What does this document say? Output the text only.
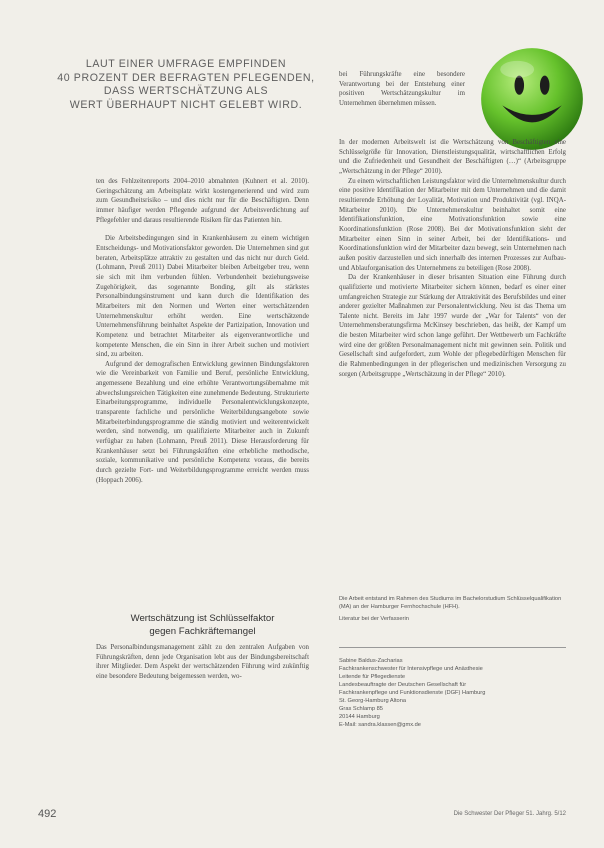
LAUT EINER UMFRAGE EMPFINDEN
40 PROZENT DER BEFRAGTEN PFLEGENDEN,
DASS WERTSCHÄTZUNG ALS
WERT ÜBERHAUPT NICHT GELEBT WIRD.

bei Führungskräfte eine besondere Verantwortung bei der Entstehung einer positiven Wertschätzungskultur im Unternehmen übernehmen müssen.

ten des Fehlzeitenreports 2004–2010 abmahnten (Kuhnert et al. 2010). Geringschätzung am Arbeitsplatz wirkt kostengenerierend und wird zum zum Gesundheitsrisiko – und dies nicht nur für die Beschäftigten. Denn immer häufiger werden Pflegende aufgrund der Arbeitsverdichtung auf Pflegefehler und daraus resultierende Risiken für das Patienten hin.

Die Arbeitsbedingungen sind in Krankenhäusern zu einem wichtigen Entscheidungs- und Motivationsfaktor geworden. Die Unternehmen sind gut beraten, Arbeitsplätze attraktiv zu gestalten und das nicht nur durch Geld. (Lohmann, Preuß 2011) Dabei Mitarbeiter bleiben Arbeitgeber treu, wenn sie sich mit ihm verbunden fühlen. Verbundenheit beziehungsweise Zugehörigkeit, das sogenannte Bonding, gilt als stärkstes Personalbindungsinstrument und kann durch die Identifikation des Mitarbeiters mit den Normen und Werten einer wertschätzenden Unternehmenskultur erhöht werden. Eine wertschätzende Unternehmensführung beinhaltet Aspekte der Partizipation, Innovation und Kompetenz und betrachtet Mitarbeiter als eigenverantwortliche und kompetente Menschen, die ein Sinn in ihrer Arbeit suchen und motiviert sind, zu arbeiten.

Aufgrund der demografischen Entwicklung gewinnen Bindungsfaktoren wie die Vereinbarkeit von Familie und Beruf, persönliche Entwicklung, angemessene Bezahlung und eine erhöhte Verantwortungsübernahme mit abwechslungsreichen Tätigkeiten eine zunehmende Bedeutung. Strukturierte Einarbeitungsprogramme, individuelle Personalentwicklungskonzepte, transparente fachliche und persönliche Weiterbildungsangebote sowie Mitarbeiterbindungsprogramme die ständig motiviert und weiterentwickelt werden, sind notwendig, um qualifizierte Mitarbeiter auch in Zukunft verfügbar zu haben (Lohmann, Preuß 2011). Diese Herausforderung für Krankenhäuser setzt bei Führungskräften eine erhebliche methodische, soziale, kommunikative und persönliche Kompetenz voraus, die bereits durch gezielte Fort- und Weiterbildungsprogramme erreicht werden muss (Hoppach 2006).

Wertschätzung ist Schlüsselfaktor
gegen Fachkräftemangel

Das Personalbindungsmanagement zählt zu den zentralen Aufgaben von Führungskräften, denn jede Organisation lebt aus der Bindungsbereitschaft ihrer Mitglieder. Dem Aspekt der wertschätzenden Führung wird zukünftig eine besondere Bedeutung beigemessen werden, wo-

In der modernen Arbeitswelt ist die Wertschätzung von Beschäftigten eine Schlüsselgröße für Innovation, Dienstleistungsqualität, wirtschaftlichen Erfolg und die Zufriedenheit und Gesundheit der Beschäftigten (…)“ (Arbeitsgruppe „Wertschätzung in der Pflege“ 2010).

Zu einem wirtschaftlichen Leistungsfaktor wird die Unternehmenskultur durch eine positive Identifikation der Mitarbeiter mit dem Unternehmen und die damit resultierende Erhöhung der Loyalität, Motivation und Produktivität (vgl. INQA-Mitarbeiter 2010). Die Unternehmenskultur beinhaltet somit eine Identifikationsfunktion, eine Motivationsfunktion sowie eine Koordinationsfunktion (Rose 2008). Bei der Motivationsfunktion sieht der Mitarbeiter einen Sinn in seiner Arbeit, bei der Identifikations- und Koordinationsfunktion wird der Mitarbeiter dazu bewegt, sein Unternehmen nach außen positiv darzustellen und sich innerhalb des internen Prozesses zur Aufbau- und Ablauforganisation des Unternehmens zu beteiligen (Rose 2008).

Da der Krankenhäuser in dieser brisanten Situation eine Führung durch qualifizierte und motivierte Mitarbeiter sichern können, bedarf es einer einer umfangreichen Strategie zur Stärkung der Attraktivität des Berufsbildes und einer anderer gezielter Maßnahmen zur Personalentwicklung. Neu ist das Thema um Talente nicht. Bereits im Jahr 1997 wurde der „War for Talents“ von der Unternehmensberatungsfirma McKinsey beschrieben, das heißt, der Kampf um die besten Mitarbeiter wird schon lange geführt. Der Wettbewerb um Fachkräfte wird eine der größten Personalmanagement nicht mit gewinnen sein. Politik und Gesellschaft sind aufgefordert, zum Wohle der pflegebedürftigen Menschen für die Rahmenbedingungen in der pflegerischen und medizinischen Versorgung zu sorgen (Arbeitsgruppe „Wertschätzung in der Pflege“ 2010).

Die Arbeit entstand im Rahmen des Studiums im Bachelorstudium Schlüsselqualifikation (MA) an der Hamburger Fernhochschule (HFH).

Literatur bei der Verfasserin

Sabine Baldus-Zacharias
Fachkrankenschwester für Intensivpflege und Anästhesie
Leitende für Pflegedienste
Landesbeauftragte der Deutschen Gesellschaft für
Fachkrankenpflege und Funktionsdienste (DGF) Hamburg
St. Georg-Hamburg Altona
Gras Schlamp 85
20144 Hamburg
E-Mail: sandra.klassen@gmx.de
492	Die Schwester Der Pfleger 51. Jahrg. 5/12
